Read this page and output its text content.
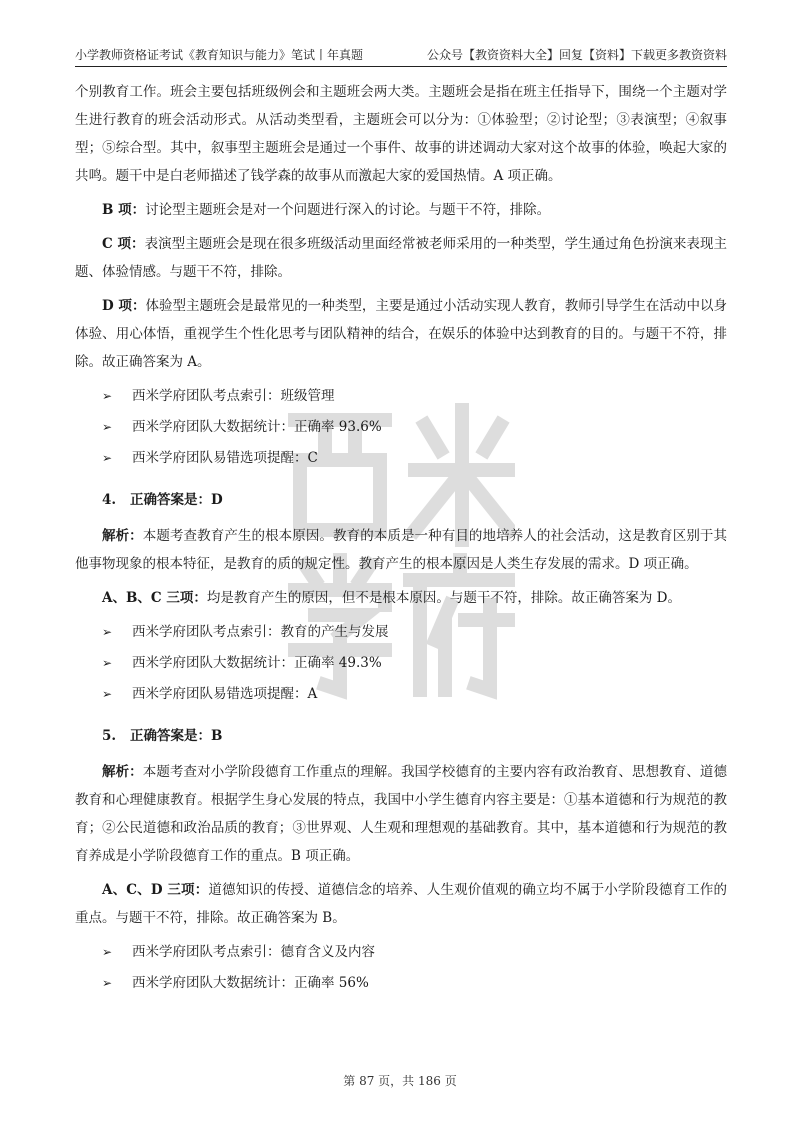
小学教师资格证考试《教育知识与能力》笔试丨年真题	公众号【教资资料大全】回复【资料】下载更多教资资料

个别教育工作。班会主要包括班级例会和主题班会两大类。主题班会是指在班主任指导下，围绕一个主题对学生进行教育的班会活动形式。从活动类型看，主题班会可以分为：①体验型；②讨论型；③表演型；④叙事型；⑤综合型。其中，叙事型主题班会是通过一个事件、故事的讲述调动大家对这个故事的体验，唤起大家的共鸣。题干中是白老师描述了钱学森的故事从而激起大家的爱国热情。A 项正确。

B 项：讨论型主题班会是对一个问题进行深入的讨论。与题干不符，排除。

C 项：表演型主题班会是现在很多班级活动里面经常被老师采用的一种类型，学生通过角色扮演来表现主题、体验情感。与题干不符，排除。

D 项：体验型主题班会是最常见的一种类型，主要是通过小活动实现人教育，教师引导学生在活动中以身体验、用心体悟，重视学生个性化思考与团队精神的结合，在娱乐的体验中达到教育的目的。与题干不符，排除。故正确答案为 A。

➢	西米学府团队考点索引：班级管理
➢	西米学府团队大数据统计：正确率 93.6%
➢	西米学府团队易错选项提醒：C
4. 正确答案是：D

解析：本题考查教育产生的根本原因。教育的本质是一种有目的地培养人的社会活动，这是教育区别于其他事物现象的根本特征，是教育的质的规定性。教育产生的根本原因是人类生存发展的需求。D 项正确。

A、B、C 三项：均是教育产生的原因，但不是根本原因。与题干不符，排除。故正确答案为 D。

➢	西米学府团队考点索引：教育的产生与发展
➢	西米学府团队大数据统计：正确率 49.3%
➢	西米学府团队易错选项提醒：A
5. 正确答案是：B

解析：本题考查对小学阶段德育工作重点的理解。我国学校德育的主要内容有政治教育、思想教育、道德教育和心理健康教育。根据学生身心发展的特点，我国中小学生德育内容主要是：①基本道德和行为规范的教育；②公民道德和政治品质的教育；③世界观、人生观和理想观的基础教育。其中，基本道德和行为规范的教育养成是小学阶段德育工作的重点。B 项正确。

A、C、D 三项：道德知识的传授、道德信念的培养、人生观价值观的确立均不属于小学阶段德育工作的重点。与题干不符，排除。故正确答案为 B。

➢	西米学府团队考点索引：德育含义及内容
➢	西米学府团队大数据统计：正确率 56%
第 87 页，共 186 页
